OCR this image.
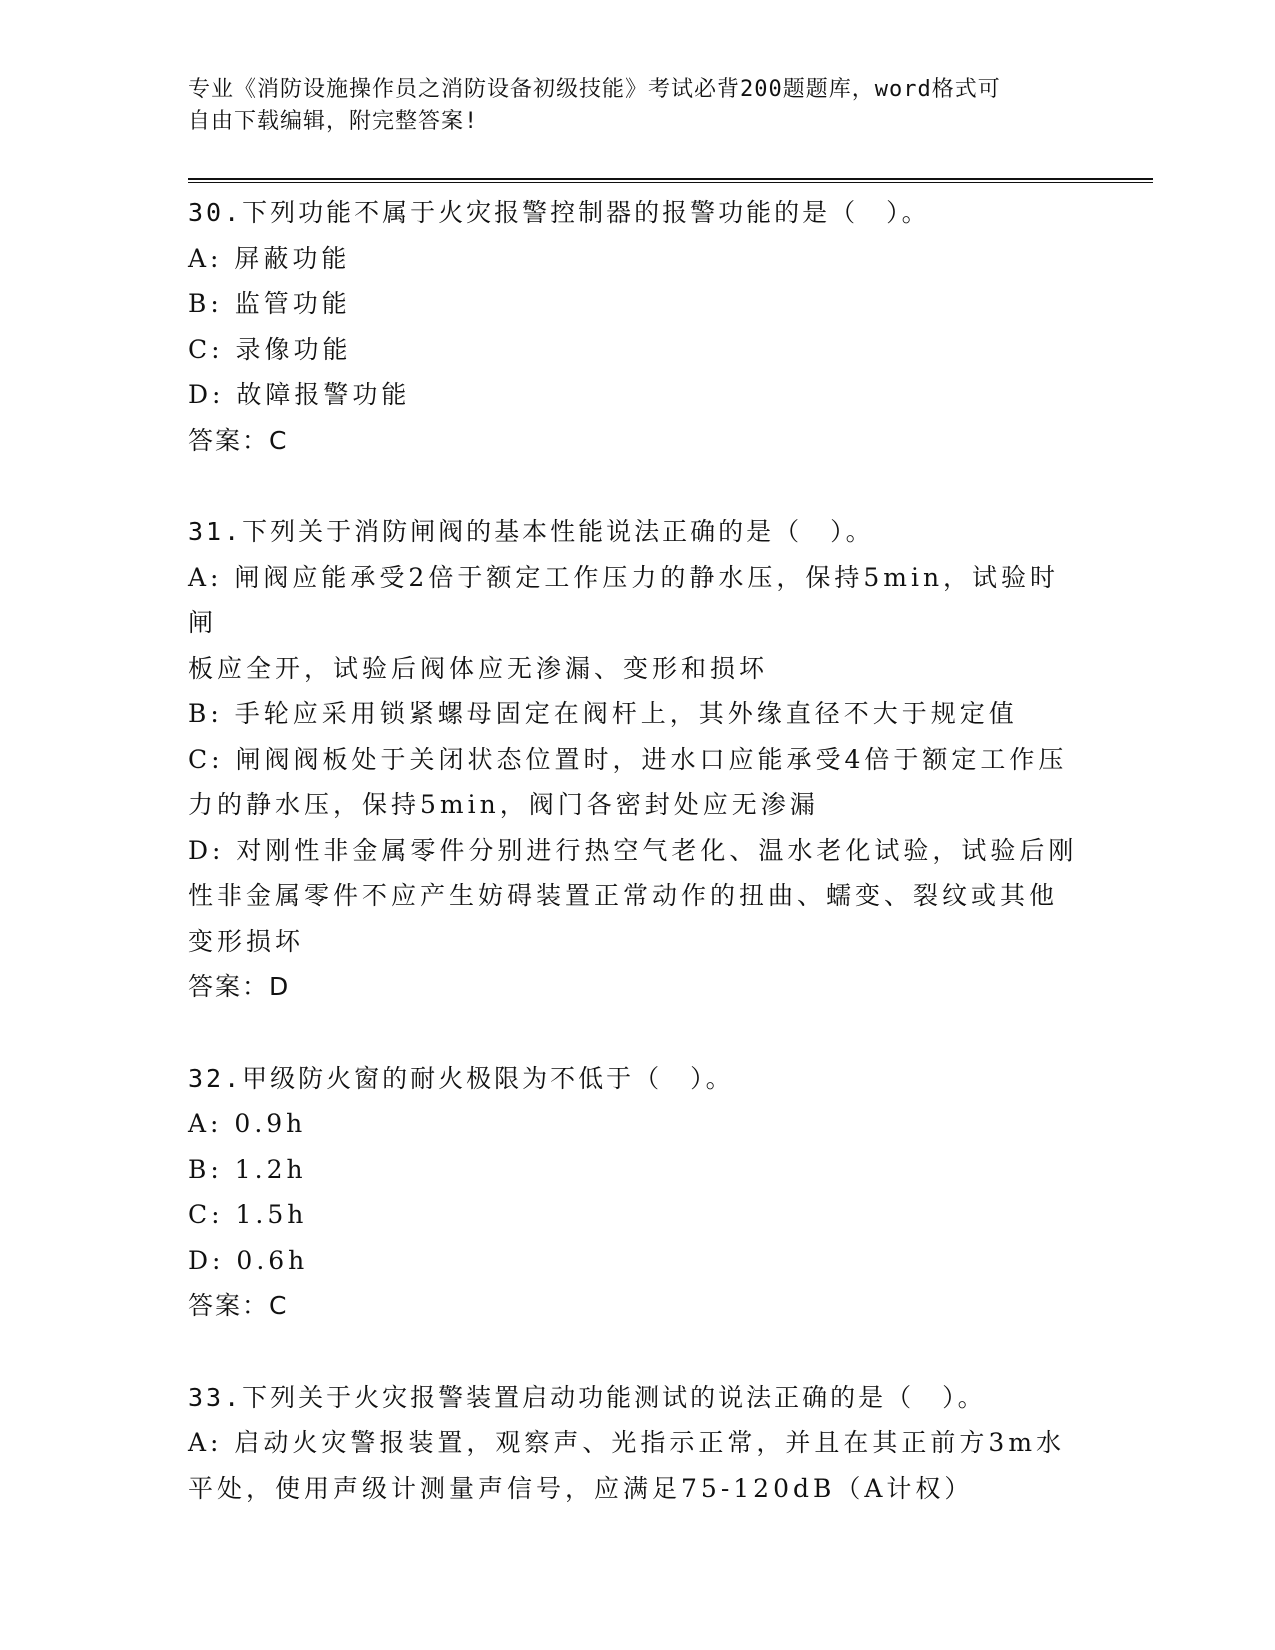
专业《消防设施操作员之消防设备初级技能》考试必背200题题库，word格式可
自由下载编辑，附完整答案!
30.下列功能不属于火灾报警控制器的报警功能的是（　）。
A: 屏蔽功能
B: 监管功能
C: 录像功能
D: 故障报警功能
答案：C
31.下列关于消防闸阀的基本性能说法正确的是（　）。
A: 闸阀应能承受2倍于额定工作压力的静水压，保持5min，试验时闸
板应全开，试验后阀体应无渗漏、变形和损坏
B: 手轮应采用锁紧螺母固定在阀杆上，其外缘直径不大于规定值
C: 闸阀阀板处于关闭状态位置时，进水口应能承受4倍于额定工作压
力的静水压，保持5min，阀门各密封处应无渗漏
D: 对刚性非金属零件分别进行热空气老化、温水老化试验，试验后刚
性非金属零件不应产生妨碍装置正常动作的扭曲、蠕变、裂纹或其他
变形损坏
答案：D
32.甲级防火窗的耐火极限为不低于（　）。
A: 0.9h
B: 1.2h
C: 1.5h
D: 0.6h
答案：C
33.下列关于火灾报警装置启动功能测试的说法正确的是（　）。
A: 启动火灾警报装置，观察声、光指示正常，并且在其正前方3m水
平处，使用声级计测量声信号，应满足75-120dB（A计权）
